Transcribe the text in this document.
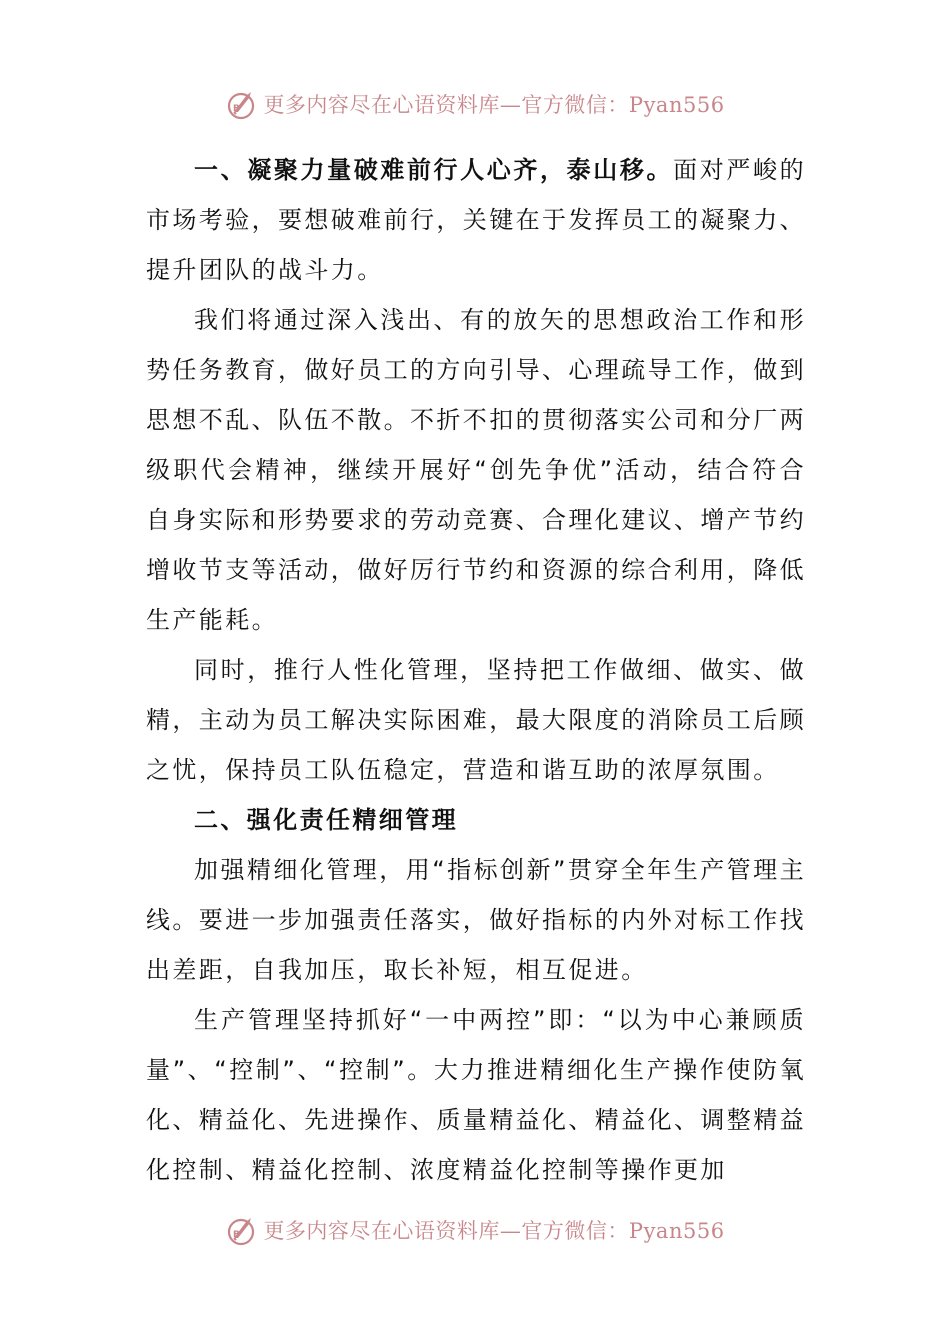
B 更多内容尽在心语资料库—官方微信：Pyan556

一、凝聚力量破难前行人心齐，泰山移。面对严峻的市场考验，要想破难前行，关键在于发挥员工的凝聚力、提升团队的战斗力。

我们将通过深入浅出、有的放矢的思想政治工作和形势任务教育，做好员工的方向引导、心理疏导工作，做到思想不乱、队伍不散。不折不扣的贯彻落实公司和分厂两级职代会精神，继续开展好“创先争优”活动，结合符合自身实际和形势要求的劳动竞赛、合理化建议、增产节约增收节支等活动，做好厉行节约和资源的综合利用，降低生产能耗。

同时，推行人性化管理，坚持把工作做细、做实、做精，主动为员工解决实际困难，最大限度的消除员工后顾之忧，保持员工队伍稳定，营造和谐互助的浓厚氛围。

二、强化责任精细管理

加强精细化管理，用“指标创新”贯穿全年生产管理主线。要进一步加强责任落实，做好指标的内外对标工作找出差距，自我加压，取长补短，相互促进。

生产管理坚持抓好“一中两控”即：“以为中心兼顾质量”、“控制”、“控制”。大力推进精细化生产操作使防氧化、精益化、先进操作、质量精益化、精益化、调整精益化控制、精益化控制、浓度精益化控制等操作更加

B 更多内容尽在心语资料库—官方微信：Pyan556
